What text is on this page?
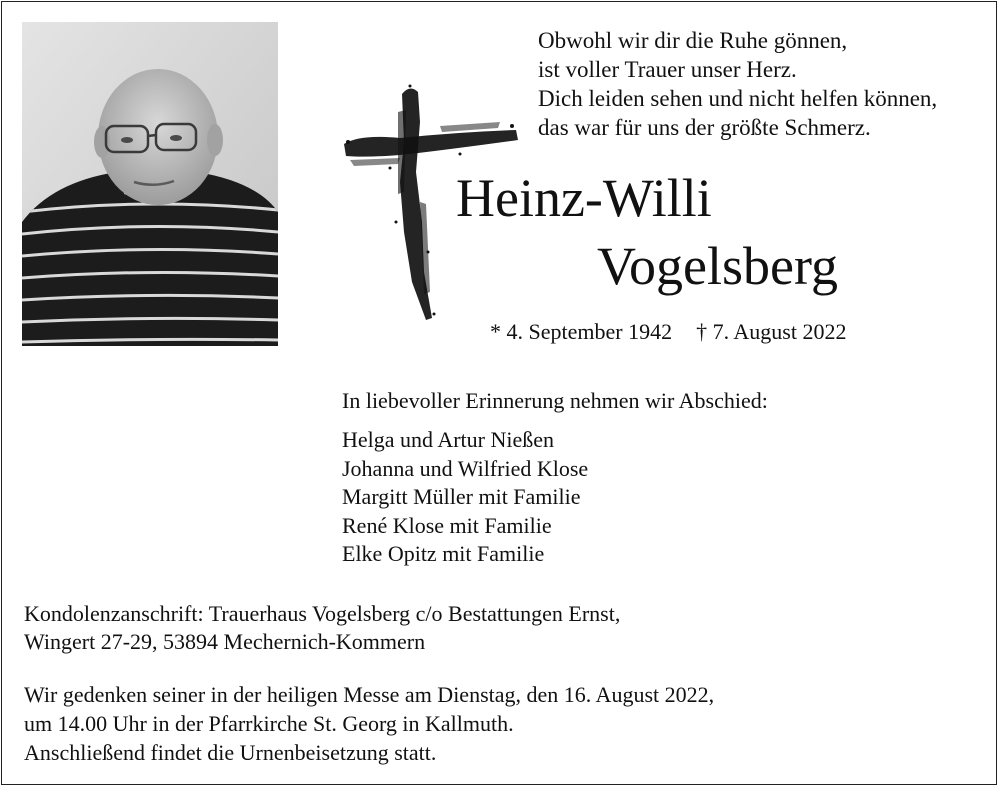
Obwohl wir dir die Ruhe gönnen,
ist voller Trauer unser Herz.
Dich leiden sehen und nicht helfen können,
das war für uns der größte Schmerz.
Heinz-Willi
Vogelsberg
* 4. September 1942 † 7. August 2022
In liebevoller Erinnerung nehmen wir Abschied:
Helga und Artur Nießen
Johanna und Wilfried Klose
Margitt Müller mit Familie
René Klose mit Familie
Elke Opitz mit Familie
Kondolenzanschrift: Trauerhaus Vogelsberg c/o Bestattungen Ernst,
Wingert 27-29, 53894 Mechernich-Kommern
Wir gedenken seiner in der heiligen Messe am Dienstag, den 16. August 2022,
um 14.00 Uhr in der Pfarrkirche St. Georg in Kallmuth.
Anschließend findet die Urnenbeisetzung statt.
